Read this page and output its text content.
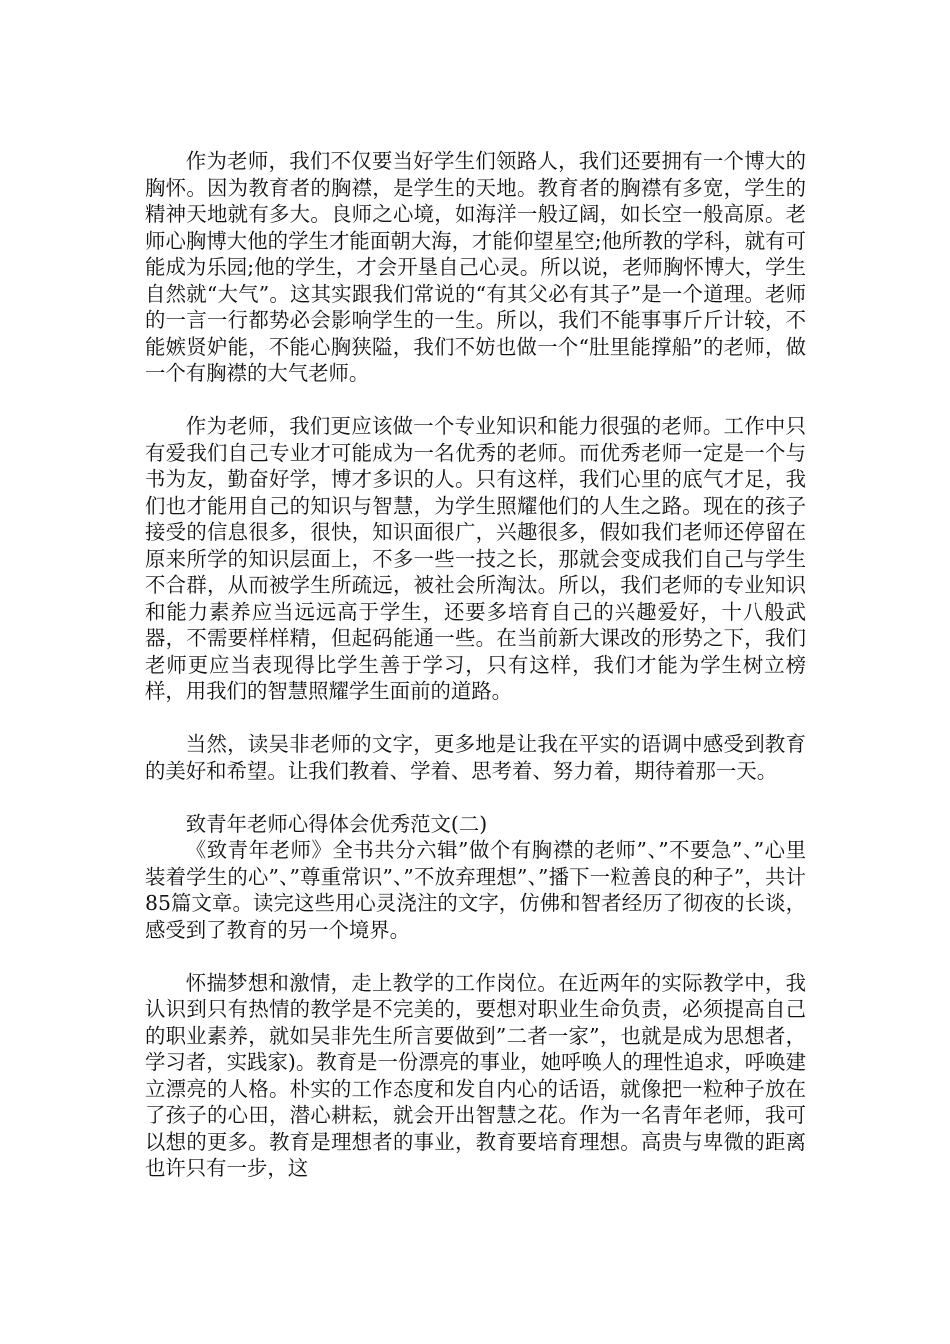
作为老师，我们不仅要当好学生们领路人，我们还要拥有一个博大的胸怀。因为教育者的胸襟，是学生的天地。教育者的胸襟有多宽，学生的精神天地就有多大。良师之心境，如海洋一般辽阔，如长空一般高原。老师心胸博大他的学生才能面朝大海，才能仰望星空;他所教的学科，就有可能成为乐园;他的学生，才会开垦自己心灵。所以说，老师胸怀博大，学生自然就“大气”。这其实跟我们常说的“有其父必有其子”是一个道理。老师的一言一行都势必会影响学生的一生。所以，我们不能事事斤斤计较，不能嫉贤妒能，不能心胸狭隘，我们不妨也做一个“肚里能撑船”的老师，做一个有胸襟的大气老师。

作为老师，我们更应该做一个专业知识和能力很强的老师。工作中只有爱我们自己专业才可能成为一名优秀的老师。而优秀老师一定是一个与书为友，勤奋好学，博才多识的人。只有这样，我们心里的底气才足，我们也才能用自己的知识与智慧，为学生照耀他们的人生之路。现在的孩子接受的信息很多，很快，知识面很广，兴趣很多，假如我们老师还停留在原来所学的知识层面上，不多一些一技之长，那就会变成我们自己与学生不合群，从而被学生所疏远，被社会所淘汰。所以，我们老师的专业知识和能力素养应当远远高于学生，还要多培育自己的兴趣爱好，十八般武器，不需要样样精，但起码能通一些。在当前新大课改的形势之下，我们老师更应当表现得比学生善于学习，只有这样，我们才能为学生树立榜样，用我们的智慧照耀学生面前的道路。

当然，读吴非老师的文字，更多地是让我在平实的语调中感受到教育的美好和希望。让我们教着、学着、思考着、努力着，期待着那一天。

致青年老师心得体会优秀范文(二)

《致青年老师》全书共分六辑”做个有胸襟的老师”、”不要急”、”心里装着学生的心”、”尊重常识”、”不放弃理想”、”播下一粒善良的种子”，共计85篇文章。读完这些用心灵浇注的文字，仿佛和智者经历了彻夜的长谈，感受到了教育的另一个境界。

怀揣梦想和激情，走上教学的工作岗位。在近两年的实际教学中，我认识到只有热情的教学是不完美的，要想对职业生命负责，必须提高自己的职业素养，就如吴非先生所言要做到”二者一家”，也就是成为思想者，学习者，实践家)。教育是一份漂亮的事业，她呼唤人的理性追求，呼唤建立漂亮的人格。朴实的工作态度和发自内心的话语，就像把一粒种子放在了孩子的心田，潜心耕耘，就会开出智慧之花。作为一名青年老师，我可以想的更多。教育是理想者的事业，教育要培育理想。高贵与卑微的距离也许只有一步，这
